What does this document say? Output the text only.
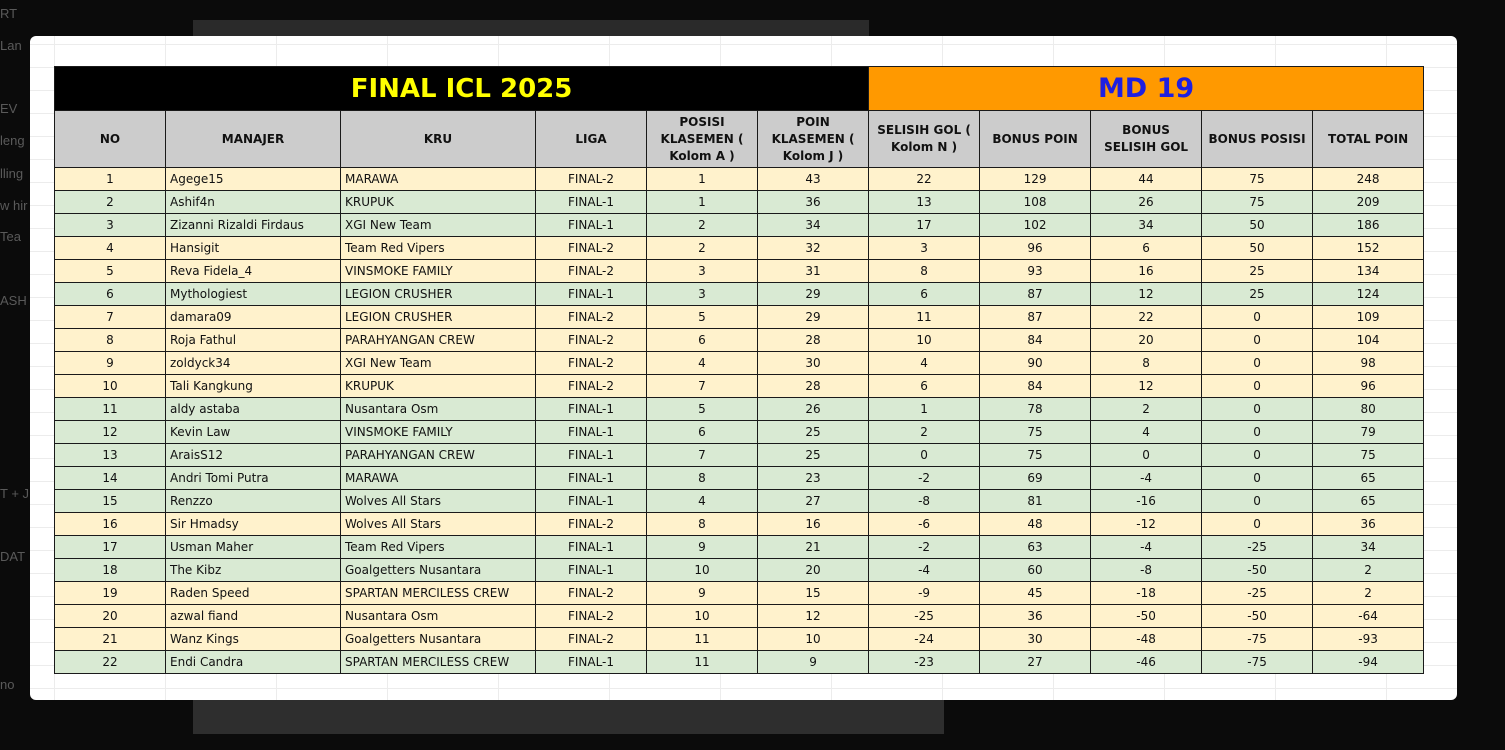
RT
Lan
EV
leng
lling
w hir
Tea
ASH
T + J
DAT
no
FINAL ICL 2025						MD 19				
NO	MANAJER	KRU	LIGA	POSISI KLASEMEN ( Kolom A )	POIN KLASEMEN ( Kolom J )	SELISIH GOL ( Kolom N )	BONUS POIN	BONUS SELISIH GOL	BONUS POSISI	TOTAL POIN
1	Agege15	MARAWA	FINAL-2	1	43	22	129	44	75	248
2	Ashif4n	KRUPUK	FINAL-1	1	36	13	108	26	75	209
3	Zizanni Rizaldi Firdaus	XGI New Team	FINAL-1	2	34	17	102	34	50	186
4	Hansigit	Team Red Vipers	FINAL-2	2	32	3	96	6	50	152
5	Reva Fidela_4	VINSMOKE FAMILY	FINAL-2	3	31	8	93	16	25	134
6	Mythologiest	LEGION CRUSHER	FINAL-1	3	29	6	87	12	25	124
7	damara09	LEGION CRUSHER	FINAL-2	5	29	11	87	22	0	109
8	Roja Fathul	PARAHYANGAN CREW	FINAL-2	6	28	10	84	20	0	104
9	zoldyck34	XGI New Team	FINAL-2	4	30	4	90	8	0	98
10	Tali Kangkung	KRUPUK	FINAL-2	7	28	6	84	12	0	96
11	aldy astaba	Nusantara Osm	FINAL-1	5	26	1	78	2	0	80
12	Kevin Law	VINSMOKE FAMILY	FINAL-1	6	25	2	75	4	0	79
13	AraisS12	PARAHYANGAN CREW	FINAL-1	7	25	0	75	0	0	75
14	Andri Tomi Putra	MARAWA	FINAL-1	8	23	-2	69	-4	0	65
15	Renzzo	Wolves All Stars	FINAL-1	4	27	-8	81	-16	0	65
16	Sir Hmadsy	Wolves All Stars	FINAL-2	8	16	-6	48	-12	0	36
17	Usman Maher	Team Red Vipers	FINAL-1	9	21	-2	63	-4	-25	34
18	The Kibz	Goalgetters Nusantara	FINAL-1	10	20	-4	60	-8	-50	2
19	Raden Speed	SPARTAN MERCILESS CREW	FINAL-2	9	15	-9	45	-18	-25	2
20	azwal fiand	Nusantara Osm	FINAL-2	10	12	-25	36	-50	-50	-64
21	Wanz Kings	Goalgetters Nusantara	FINAL-2	11	10	-24	30	-48	-75	-93
22	Endi Candra	SPARTAN MERCILESS CREW	FINAL-1	11	9	-23	27	-46	-75	-94
